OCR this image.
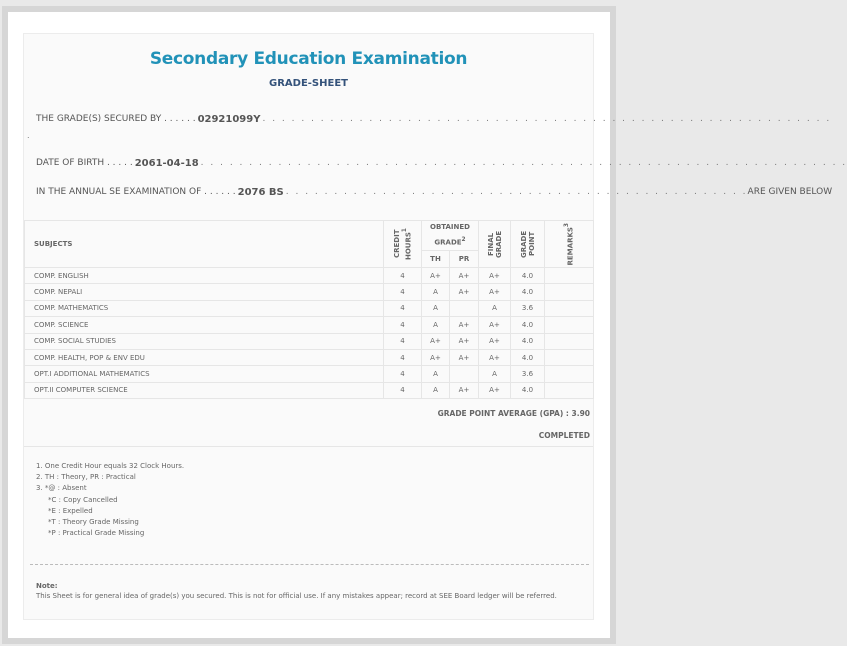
Secondary Education Examination
GRADE-SHEET
THE GRADE(S) SECURED BY . . . . . . 02921099Y . . . . . . . . . . . . . . . . . . . . . . . . . . . . . . . . . . . . . . . . . . . . . . . . . . . . . . . . . . .
.
DATE OF BIRTH . . . . . 2061-04-18 . . . . . . . . . . . . . . . . . . . . . . . . . . . . . . . . . . . . . . . . . . . . . . . . . . . . . . . . . . . . . . . . . . .
IN THE ANNUAL SE EXAMINATION OF . . . . . . 2076 BS . . . . . . . . . . . . . . . . . . . . . . . . . . . . . . . . . . . . . . . . . . . . . . . . ARE GIVEN BELOW
SUBJECTS	CREDIT HOURS$^1$	OBTAINED GRADE$^2$		FINAL GRADE	GRADE POINT	REMARKS$^3$

		TH	PR			
COMP. ENGLISH	4	A+	A+	A+	4.0	
COMP. NEPALI	4	A	A+	A+	4.0	
COMP. MATHEMATICS	4	A		A	3.6	
COMP. SCIENCE	4	A	A+	A+	4.0	
COMP. SOCIAL STUDIES	4	A+	A+	A+	4.0	
COMP. HEALTH, POP & ENV EDU	4	A+	A+	A+	4.0	
OPT.I ADDITIONAL MATHEMATICS	4	A		A	3.6	
OPT.II COMPUTER SCIENCE	4	A	A+	A+	4.0	
GRADE POINT AVERAGE (GPA) : 3.90
COMPLETED
1. One Credit Hour equals 32 Clock Hours.
2. TH : Theory, PR : Practical
3. *@ : Absent
*C : Copy Cancelled
*E : Expelled
*T : Theory Grade Missing
*P : Practical Grade Missing
Note:
This Sheet is for general idea of grade(s) you secured. This is not for official use. If any mistakes appear; record at SEE Board ledger will be referred.
